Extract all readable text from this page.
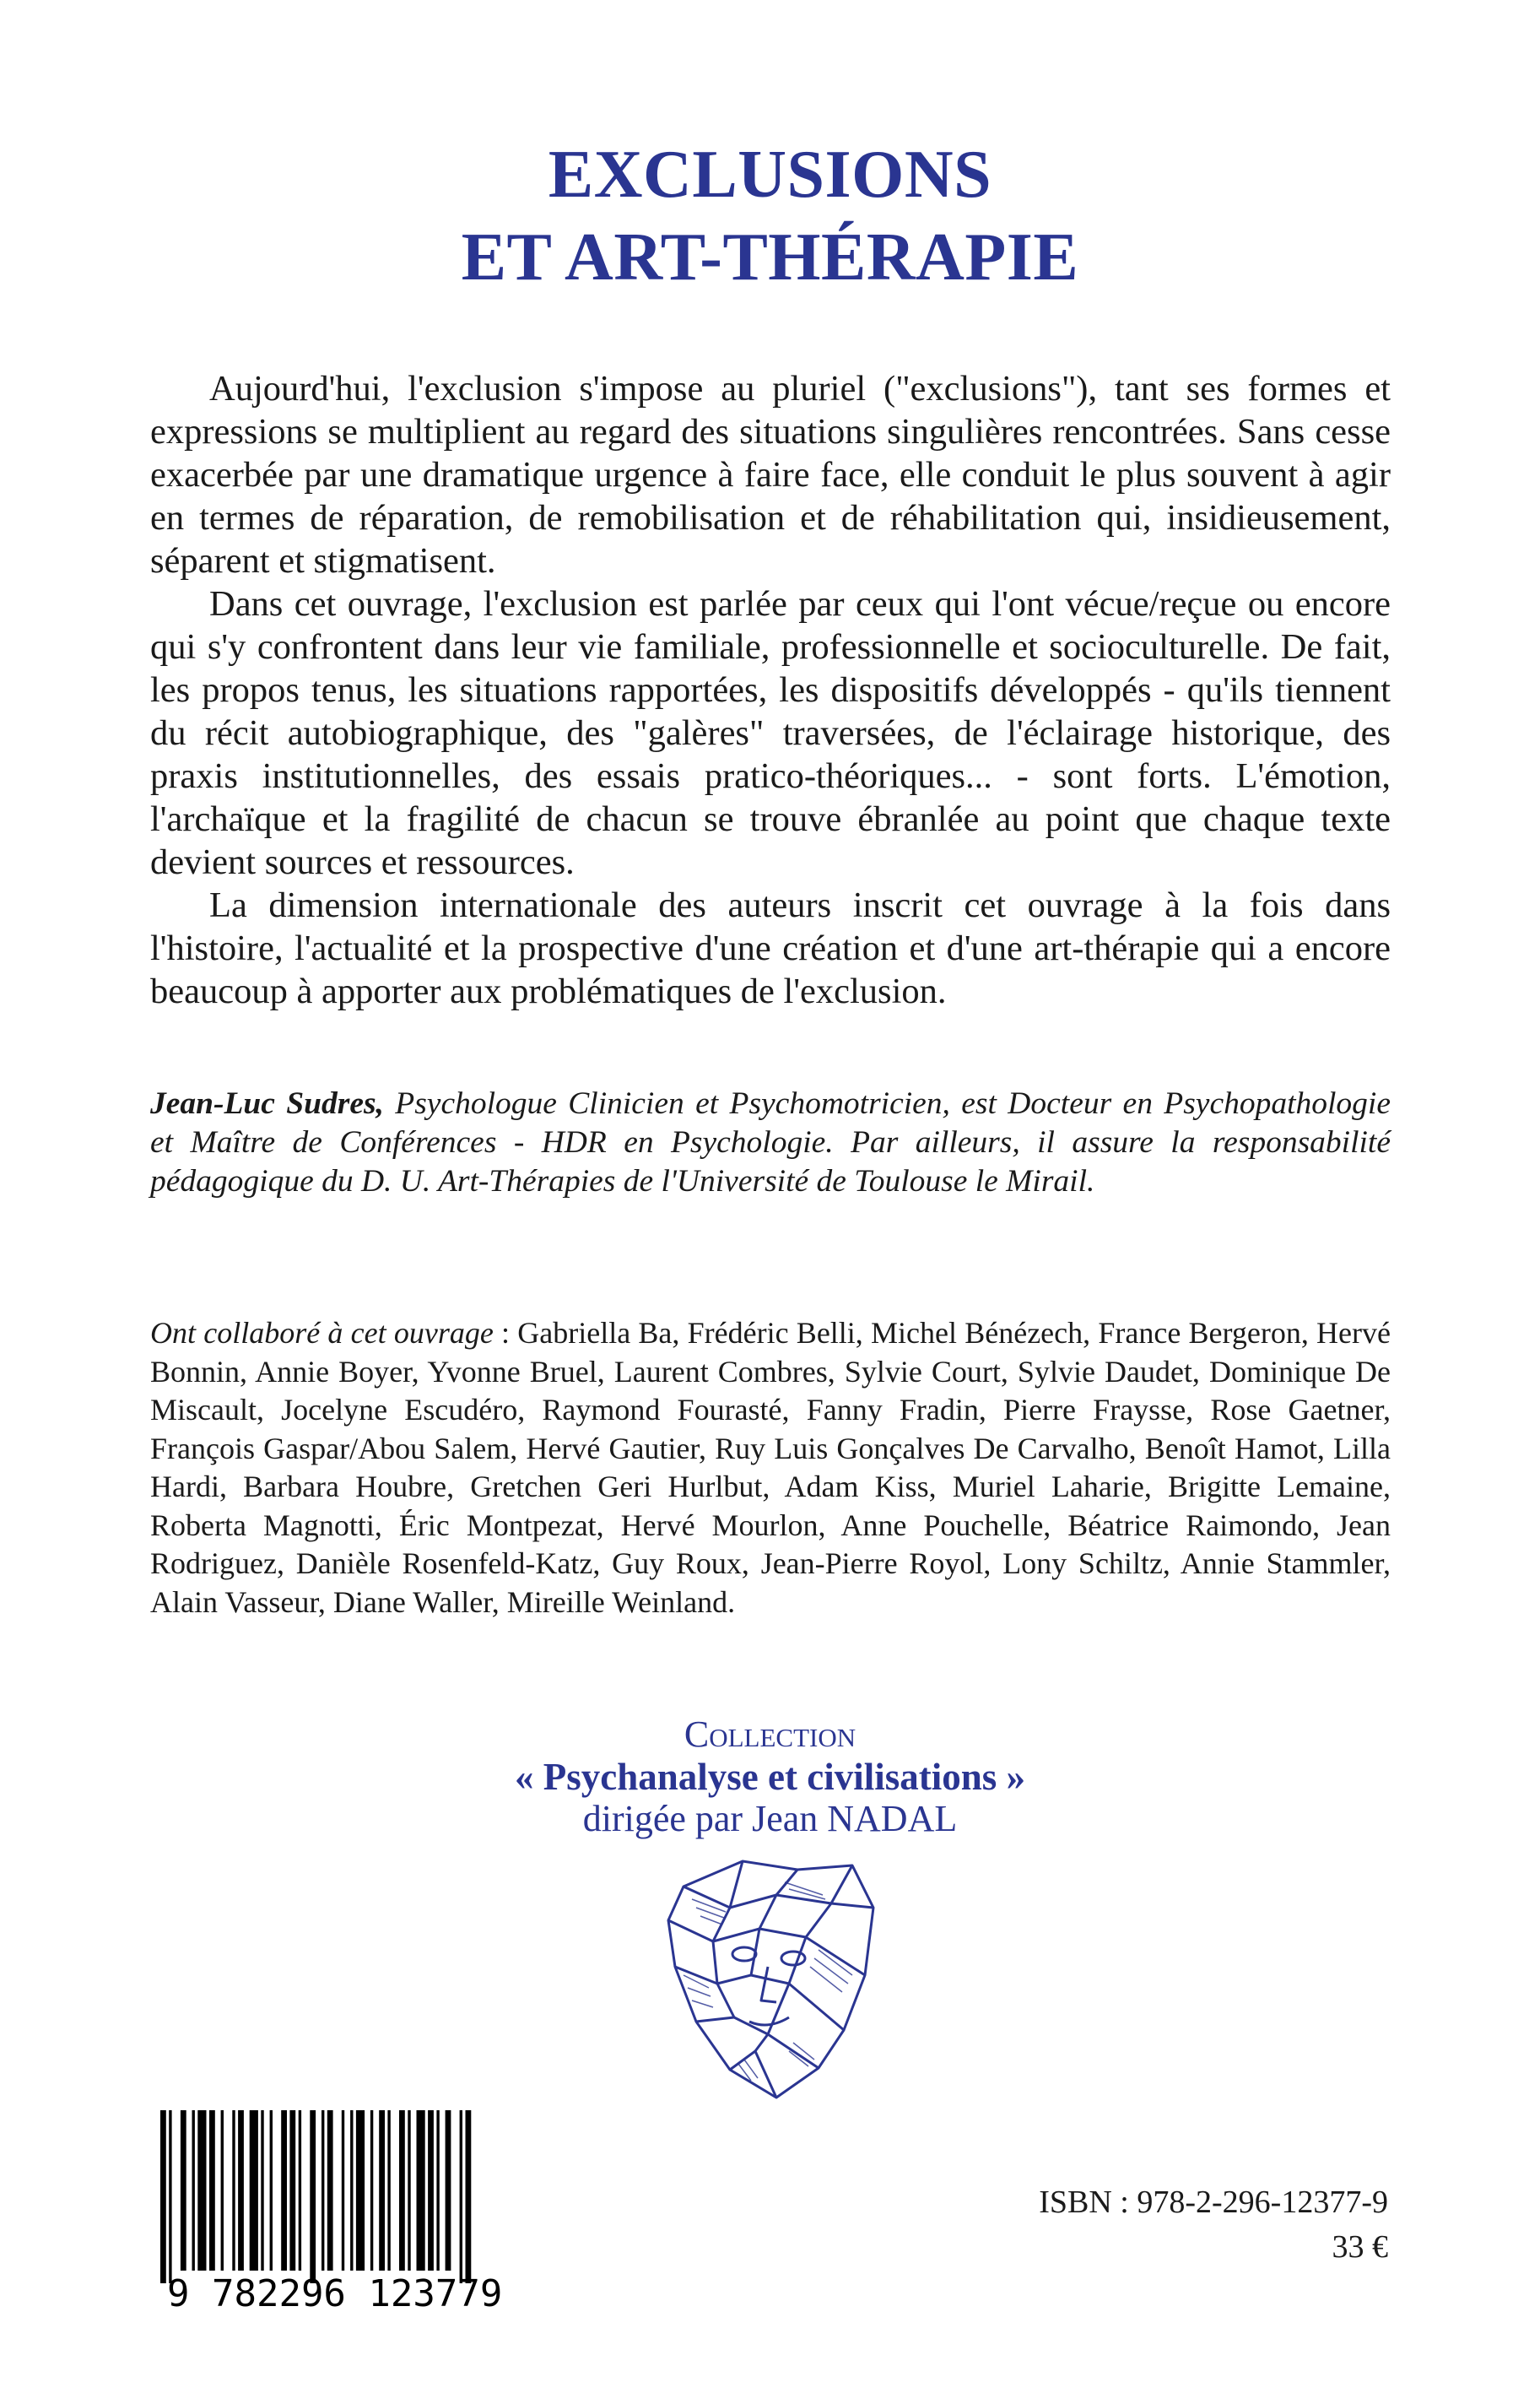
EXCLUSIONS
ET ART-THÉRAPIE

Aujourd'hui, l'exclusion s'impose au pluriel ("exclusions"), tant ses formes et expressions se multiplient au regard des situations singulières rencontrées. Sans cesse exacerbée par une dramatique urgence à faire face, elle conduit le plus souvent à agir en termes de réparation, de remobilisation et de réhabilitation qui, insidieusement, séparent et stigmatisent.

Dans cet ouvrage, l'exclusion est parlée par ceux qui l'ont vécue/reçue ou encore qui s'y confrontent dans leur vie familiale, professionnelle et socioculturelle. De fait, les propos tenus, les situations rapportées, les dispositifs développés - qu'ils tiennent du récit autobiographique, des "galères" traversées, de l'éclairage historique, des praxis institutionnelles, des essais pratico-théoriques... - sont forts. L'émotion, l'archaïque et la fragilité de chacun se trouve ébranlée au point que chaque texte devient sources et ressources.

La dimension internationale des auteurs inscrit cet ouvrage à la fois dans l'histoire, l'actualité et la prospective d'une création et d'une art-thérapie qui a encore beaucoup à apporter aux problématiques de l'exclusion.

Jean-Luc Sudres, Psychologue Clinicien et Psychomotricien, est Docteur en Psychopathologie et Maître de Conférences - HDR en Psychologie. Par ailleurs, il assure la responsabilité pédagogique du D. U. Art-Thérapies de l'Université de Toulouse le Mirail.
Ont collaboré à cet ouvrage : Gabriella Ba, Frédéric Belli, Michel Bénézech, France Bergeron, Hervé Bonnin, Annie Boyer, Yvonne Bruel, Laurent Combres, Sylvie Court, Sylvie Daudet, Dominique De Miscault, Jocelyne Escudéro, Raymond Fourasté, Fanny Fradin, Pierre Fraysse, Rose Gaetner, François Gaspar/Abou Salem, Hervé Gautier, Ruy Luis Gonçalves De Carvalho, Benoît Hamot, Lilla Hardi, Barbara Houbre, Gretchen Geri Hurlbut, Adam Kiss, Muriel Laharie, Brigitte Lemaine, Roberta Magnotti, Éric Montpezat, Hervé Mourlon, Anne Pouchelle, Béatrice Raimondo, Jean Rodriguez, Danièle Rosenfeld-Katz, Guy Roux, Jean-Pierre Royol, Lony Schiltz, Annie Stammler, Alain Vasseur, Diane Waller, Mireille Weinland.
Collection
« Psychanalyse et civilisations »
dirigée par Jean NADAL
9 782296 123779
ISBN : 978-2-296-12377-9
33 €
